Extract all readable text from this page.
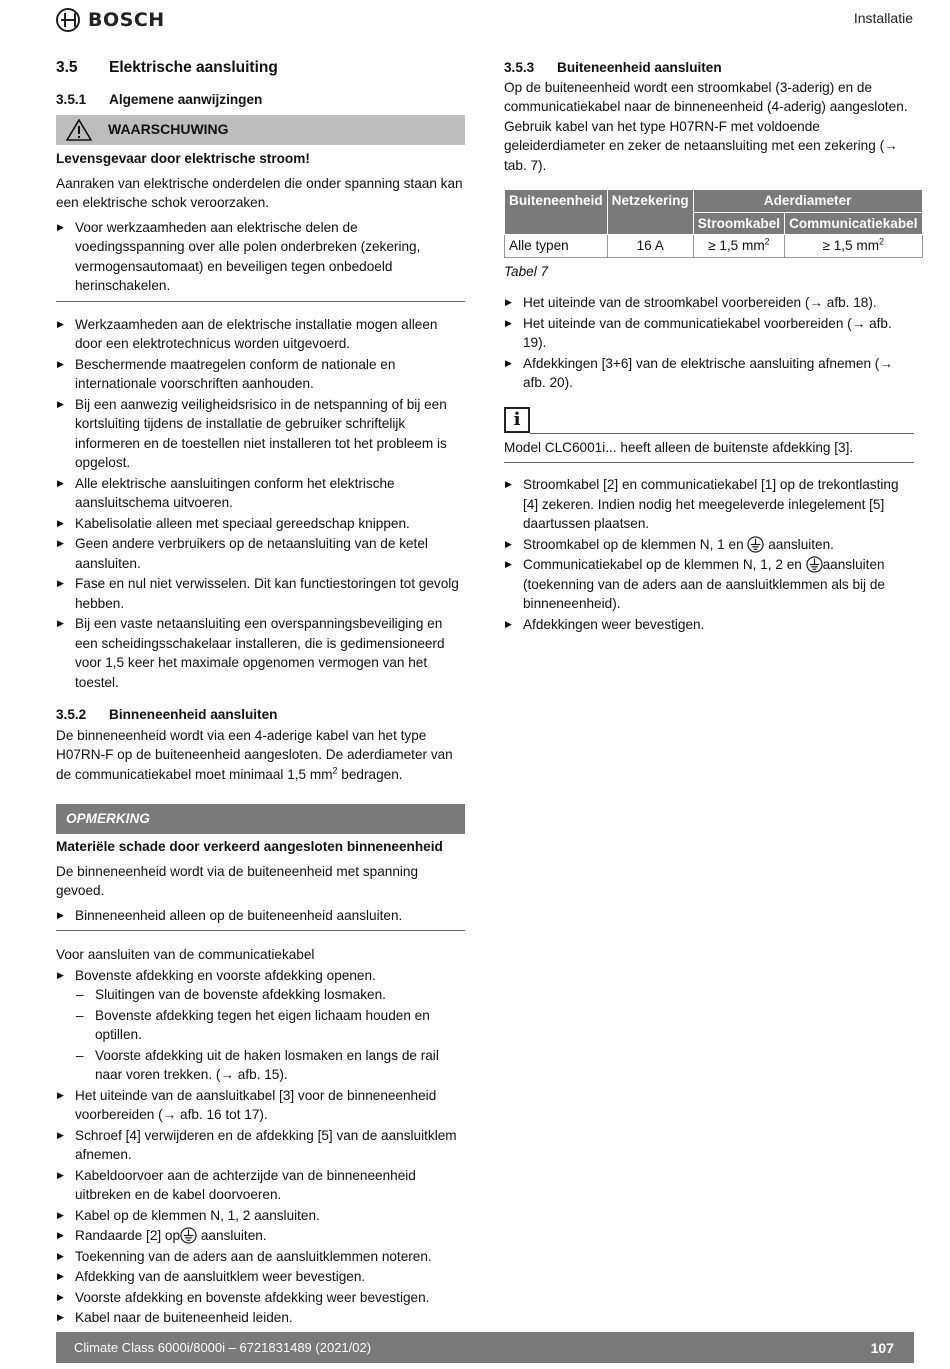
BOSCH	Installatie
3.5	Elektrische aansluiting
3.5.1	Algemene aanwijzingen
WAARSCHUWING

Levensgevaar door elektrische stroom!

Aanraken van elektrische onderdelen die onder spanning staan kan een elektrische schok veroorzaken.

▶ Voor werkzaamheden aan elektrische delen de voedingsspanning over alle polen onderbreken (zekering, vermogensautomaat) en beveiligen tegen onbedoeld herinschakelen.
▶ Werkzaamheden aan de elektrische installatie mogen alleen door een elektrotechnicus worden uitgevoerd.
▶ Beschermende maatregelen conform de nationale en internationale voorschriften aanhouden.
▶ Bij een aanwezig veiligheidsrisico in de netspanning of bij een kortsluiting tijdens de installatie de gebruiker schriftelijk informeren en de toestellen niet installeren tot het probleem is opgelost.
▶ Alle elektrische aansluitingen conform het elektrische aansluitschema uitvoeren.
▶ Kabelisolatie alleen met speciaal gereedschap knippen.
▶ Geen andere verbruikers op de netaansluiting van de ketel aansluiten.
▶ Fase en nul niet verwisselen. Dit kan functiestoringen tot gevolg hebben.
▶ Bij een vaste netaansluiting een overspanningsbeveiliging en een scheidingsschakelaar installeren, die is gedimensioneerd voor 1,5 keer het maximale opgenomen vermogen van het toestel.
3.5.2	Binneneenheid aansluiten

De binneneenheid wordt via een 4-aderige kabel van het type H07RN-F op de buiteneenheid aangesloten. De aderdiameter van de communicatiekabel moet minimaal 1,5 $mm^2$ bedragen.

OPMERKING

Materiële schade door verkeerd aangesloten binneneenheid

De binneneenheid wordt via de buiteneenheid met spanning gevoed.

▶ Binneneenheid alleen op de buiteneenheid aansluiten.

Voor aansluiten van de communicatiekabel

▶ Bovenste afdekking en voorste afdekking openen.
– Sluitingen van de bovenste afdekking losmaken.
– Bovenste afdekking tegen het eigen lichaam houden en optillen.
– Voorste afdekking uit de haken losmaken en langs de rail naar voren trekken. (→ afb. 15).
▶ Het uiteinde van de aansluitkabel [3] voor de binneneenheid voorbereiden (→ afb. 16 tot 17).
▶ Schroef [4] verwijderen en de afdekking [5] van de aansluitklem afnemen.
▶ Kabeldoorvoer aan de achterzijde van de binneneenheid uitbreken en de kabel doorvoeren.
▶ Kabel op de klemmen N, 1, 2 aansluiten.
▶ Randaarde [2] op aansluiten.
▶ Toekenning van de aders aan de aansluitklemmen noteren.
▶ Afdekking van de aansluitklem weer bevestigen.
▶ Voorste afdekking en bovenste afdekking weer bevestigen.
▶ Kabel naar de buiteneenheid leiden.
3.5.3	Buiteneenheid aansluiten

Op de buiteneenheid wordt een stroomkabel (3-aderig) en de communicatiekabel naar de binneneenheid (4-aderig) aangesloten. Gebruik kabel van het type H07RN-F met voldoende geleiderdiameter en zeker de netaansluiting met een zekering (→ tab. 7).

Buiteneenheid	Netzekering	Aderdiameter	
		Stroomkabel	Communicatiekabel
Alle typen	16 A	≥ 1,5 $mm^2$	≥ 1,5 $mm^2$
Tabel 7
▶ Het uiteinde van de stroomkabel voorbereiden (→ afb. 18).
▶ Het uiteinde van de communicatiekabel voorbereiden (→ afb. 19).
▶ Afdekkingen [3+6] van de elektrische aansluiting afnemen (→ afb. 20).
i

Model CLC6001i... heeft alleen de buitenste afdekking [3].

▶ Stroomkabel [2] en communicatiekabel [1] op de trekontlasting [4] zekeren. Indien nodig het meegeleverde inlegelement [5] daartussen plaatsen.
▶ Stroomkabel op de klemmen N, 1 en  aansluiten.
▶ Communicatiekabel op de klemmen N, 1, 2 en aansluiten (toekenning van de aders aan de aansluitklemmen als bij de binneneenheid).
▶ Afdekkingen weer bevestigen.
Climate Class 6000i/8000i – 6721831489 (2021/02)	107
